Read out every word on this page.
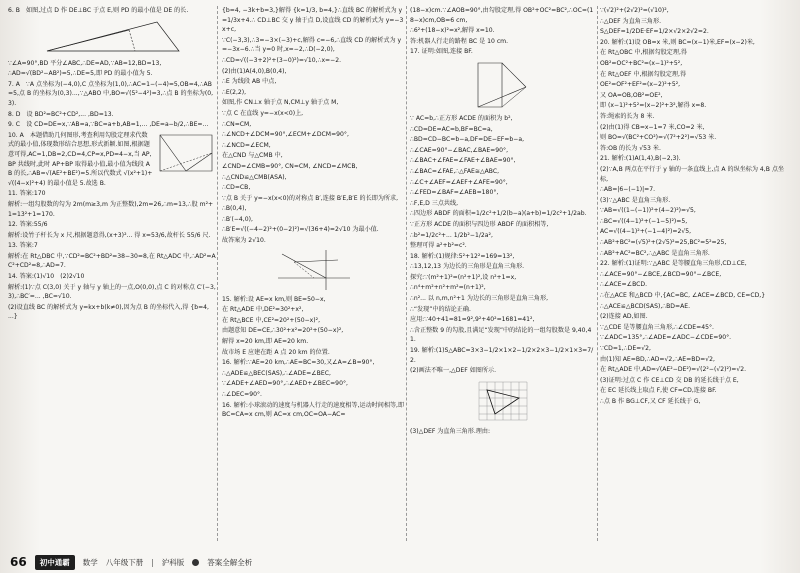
6. B　如图,过点 D 作 DE⊥BC 于点 E,则 PD 的最小值是 DE 的长.
∵∠A=90°,BD 平分∠ABC,∴DE=AD,∵AB=12,BD=13,
∴AD=√(BD²−AB²)=5,∴DE=5,即 PD 的最小值为 5.
7. A　∵A 点坐标为(−4,0),C 点坐标为(1,0),∴AC=1−(−4)=5,OB=4,∴AB=5,点 B 的坐标为(0,3)...,∵△ABO 中,BO=√(5²−4²)=3,∴点 B 的坐标为(0,3).
8. D　设 BD²=BC²+CD²,... ,BD=13.
9. C　设 CD=DE=x,∵AB=a,∵BC=a+b,AB=1,... ,DE=a−b/2,∴BE=...
10. A　本题借助几何图形,考查利用勾股定理求代数式的最小值,体现数形结合思想,形式新颖.如图,根据题意可得,AC=1,DB=2,CD=4,CP=x,PD=4−x,当 AP,BP 共线时,此时 AP+BP 取得最小值,最小值为线段 AB 的长,∴AB=√(AE²+BE²)=5.所以代数式 √(x²+1)+√((4−x)²+4) 的最小值是 5.故选 B.
11. 答案:170
解析:一组勾股数的勾为 2m(m≥3,m 为正整数),2m=26,∴m=13,∴股 m²+1=13²+1=170.
12. 答案:55/6
解析:设竹子杆长为 x 尺,根据题意得,(x+3)²... 得 x=53/6,故杆长 55/6 尺.
13. 答案:7
解析:在 Rt△DBC 中,∵CD²=BC²+BD²=38−30=8,在 Rt△ADC 中,∴AD²=AC²+CD²=8,∴AD=7.
14. 答案:(1)√10　(2)2√10
解析:(1)∵点 C(3,0) 关于 y 轴与 y 轴上的一点,O(0,0),点 C 的对称点 C′(−3,3),∴BC′=... ,BC=√10.
(2)设直线 BC 的解析式为 y=kx+b(k≠0),因为点 B 的坐标代入,得 {b=4, ...}
{b=4, −3k+b=3,}解得 {k=1/3, b=4,}∴直线 BC 的解析式为 y=1/3x+4.∴ CD⊥BC 交 y 轴于点 D,设直线 CD 的解析式为 y=−3x+c,
∵C(−3,3),∴3=−3×(−3)+c,解得 c=−6,∴直线 CD 的解析式为 y=−3x−6.∴当 y=0 时,x=−2,∴D(−2,0),
∴CD=√((−3+2)²+(3−0)²)=√10,∴x=−2.
(2)由(1)A(4,0),B(0,4),
∴E 为线段 AB 中点,
∴E(2,2),
如图,作 CN⊥x 轴于点 N,CM⊥y 轴于点 M,
∵点 C 在直线 y=−x(x<0)上,
∴CN=CM,
∴∠NCD+∠DCM=90°,∠ECM+∠DCM=90°,
∴∠NCD=∠ECM,
在△CND 与△CMB 中,
∠CND=∠CMB=90°, CN=CM, ∠NCD=∠MCB,
∴△CND≌△CMB(ASA),
∴CD=CB,
∵点 B 关于 y=−x(x<0)的对称点 B′,连接 B′E,B′E 的长即为所求,
∴B(0,4),
∴B′(−4,0),
∴B′E=√((−4−2)²+(0−2)²)=√(36+4)=2√10 为最小值.
故答案为 2√10.
15. 解析:设 AE=x km,则 BE=50−x,
在 Rt△ADE 中,DE²=30²+x²,
在 Rt△BCE 中,CE²=20²+(50−x)²,
由题意知 DE=CE,∴30²+x²=20²+(50−x)²,
解得 x=20 km,即 AE=20 km.
故市场 E 应建在距 A 点 20 km 的位置.
16. 解析:∵AE=20 km,∴AE=BC=30,又∠A=∠B=90°,
∴△ADE≌△BEC(SAS),∴∠ADE=∠BEC,
∵∠ADE+∠AED=90°,∴∠AED+∠BEC=90°,
∴∠DEC=90°.
16. 解析:小球滚动的速度与机器人行走的速度相等,运动时间相等,即 BC=CA=x cm,则 AC=x cm,OC=OA−AC=
(18−x)cm.∵∠AOB=90°,由勾股定理,得 OB²+OC²=BC²,∴OC=(18−x)cm,OB=6 cm,
∴6²+(18−x)²=x²,解得 x=10.
答:机器人行走的路程 BC 是 10 cm.
17. 证明:如图,连接 BF.
∵ AC=b,∴正方形 ACDE 的面积为 b²,
∴CD=DE=AC=b,BF=BC=a,
∴BD=CD−BC=b−a,DF=DE−EF=b−a,
∴∠CAE=90°−∠BAC,∠BAE=90°,
∴∠BAC+∠FAE=∠FAE+∠BAE=90°,
∴∠BAC=∠FAE,∴△FAE≅△ABC,
∴∠C+∠AEF=∠AEF+∠AFE=90°,
∴∠FED=∠BAF=∠AEB=180°,
∴F,E,D 三点共线,
∴四边形 ABDF 的面积=1/2c²+1/2(b−a)(a+b)=1/2c²+1/2ab.
∵正方形 ACDE 的面积与四边形 ABDF 的面积相等,
∴b²=1/2c²+... 1/2b²−1/2a²,
整理可得 a²+b²=c².
18. 解析:(1)规律:5²+12²=169=13²,
∴13,12,13 为边长的三角形是直角三角形.
探究:∵(m²+1)²=(n²+1)²,设 n²+1=x,
∴n⁴+m²+n²+m²=(n+1)²,
∴n²... 以 n,m,n²+1 为边长的三角形是直角三角形,
∴“发现”中的结论正确.
应用:∵40+41=81=9²,9²+40²=1681=41²,
∴含正整数 9 的勾股,且满足“发现”中的结论的一组勾股数是 9,40,41.
19. 解析:(1)S△ABC=3×3−1/2×1×2−1/2×2×3−1/2×1×3=7/2.
(2)画法不唯一,△DEF 如图所示.
(3)△DEF 为直角三角形.理由:
∵(√2)²+(2√2)²=(√10)²,
∴△DEF 为直角三角形.
S△DEF=1/2DE·EF=1/2×√2×2√2=2.
20. 解析:(1)设 OB=x 米,则 BC=(x−1)米,EF=(x−2)米,
在 Rt△OBC 中,根据勾股定理,得
OB²=OC²+BC²=(x−1)²+5²,
在 Rt△OEF 中,根据勾股定理,得
OE²=OF²+EF²=(x−2)²+5²,
又 OA=OB,OB²=OE²,
即 (x−1)²+5²=(x−2)²+3²,解得 x=8.
答:绳索的长为 8 米.
(2)由(1)得 CB=x−1=7 米,CO=2 米,
则 BO=√(BC²+CO²)=√(7²+2²)=√53 米.
答:OB 的长为 √53 米.
21. 解析:(1)A(1,4),B(−2,3).
(2)∵A,B 两点在平行于 y 轴的一条直线上,点 A 的纵坐标为 4,B 点坐标,
∴AB=|6−(−1)|=7.
(3)∵△ABC 是直角三角形.
∵AB=√((1−(−1))²+(4−2)²)=√5,
∴BC=√((4−1)²+(−1−5)²)=5,
AC=√((4−1)²+(−1−4)²)=2√5,
∴AB²+BC²=(√5)²+(2√5)²=25,BC²=5²=25,
∴AB²+AC²=BC²,∴△ABC 是直角三角形.
22. 解析:(1)证明:∵△ABC 是等腰直角三角形,CD⊥CE,
∴∠ACE=90°−∠BCE,∠BCD=90°−∠BCE,
∴∠ACE=∠BCD.
∴在△ACE 和△BCD 中,{AC=BC, ∠ACE=∠BCD, CE=CD,}
∴△ACE≌△BCD(SAS),∴BD=AE.
(2)连接 AD,如图.
∵△CDE 是等腰直角三角形,∴∠CDE=45°.
∵∠ADC=135°,∴∠ADE=∠ADC−∠CDE=90°.
∵CD=1,∴DE=√2,
由(1)知 AE=BD,∴AD=√2,∴AE=BD=√2,
在 Rt△ADE 中,AD=√(AE²−DE²)=√(2²−(√2)²)=√2.
(3)证明:过点 C 作 CE⊥CD 交 DB 的延长线于点 E,
在 EC 延长线上取点 F,使 CF=CD,连接 BF.
∴点 B 作 BG⊥CF,又 CF 延长线于 G,
66	初中通霸	数学 八年级下册 | 沪科版	答案全解全析
